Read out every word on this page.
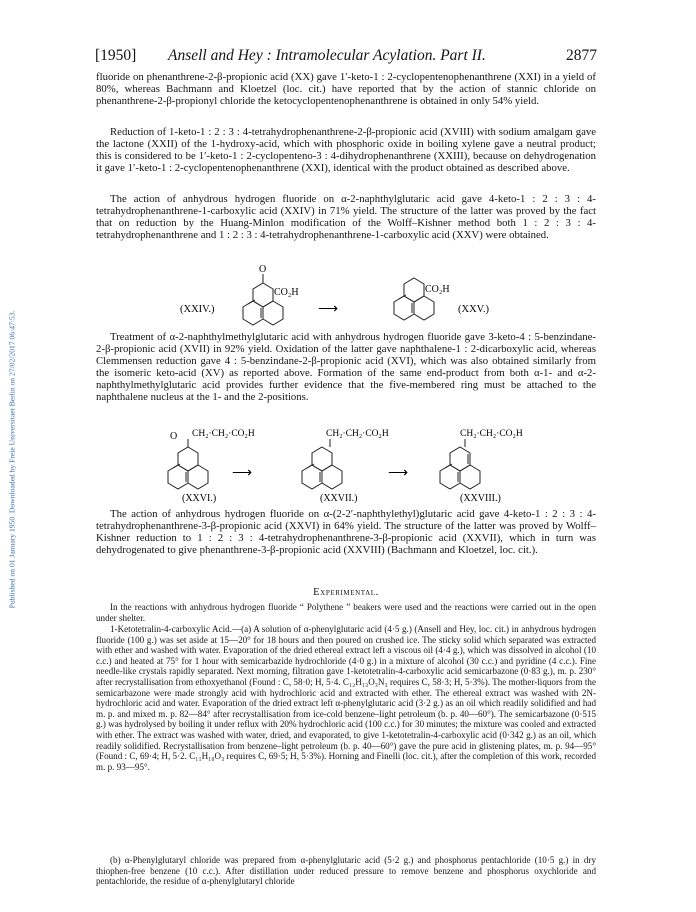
Published on 01 January 1950. Downloaded by Freie Universitaet Berlin on 27/02/2017 06:47:53.
[1950] Ansell and Hey : Intramolecular Acylation. Part II.	2877

fluoride on phenanthrene-2-β-propionic acid (XX) gave 1′-keto-1 : 2-cyclopentenophenanthrene (XXI) in a yield of 80%, whereas Bachmann and Kloetzel (loc. cit.) have reported that by the action of stannic chloride on phenanthrene-2-β-propionyl chloride the ketocyclopentenophenanthrene is obtained in only 54% yield.

Reduction of 1-keto-1 : 2 : 3 : 4-tetrahydrophenanthrene-2-β-propionic acid (XVIII) with sodium amalgam gave the lactone (XXII) of the 1-hydroxy-acid, which with phosphoric oxide in boiling xylene gave a neutral product; this is considered to be 1′-keto-1 : 2-cyclopenteno-3 : 4-dihydrophenanthrene (XXIII), because on dehydrogenation it gave 1′-keto-1 : 2-cyclopentenophenanthrene (XXI), identical with the product obtained as described above.

The action of anhydrous hydrogen fluoride on α-2-naphthylglutaric acid gave 4-keto-1 : 2 : 3 : 4-tetrahydrophenanthrene-1-carboxylic acid (XXIV) in 71% yield. The structure of the latter was proved by the fact that on reduction by the Huang-Minlon modification of the Wolff–Kishner method both 1 : 2 : 3 : 4-tetrahydrophenanthrene and 1 : 2 : 3 : 4-tetrahydrophenanthrene-1-carboxylic acid (XXV) were obtained.

(XXIV.)
O
CO₂H
⟶
CO₂H
(XXV.)

Treatment of α-2-naphthylmethylglutaric acid with anhydrous hydrogen fluoride gave 3-keto-4 : 5-benzindane-2-β-propionic acid (XVII) in 92% yield. Oxidation of the latter gave naphthalene-1 : 2-dicarboxylic acid, whereas Clemmensen reduction gave 4 : 5-benzindane-2-β-propionic acid (XVI), which was also obtained similarly from the isomeric keto-acid (XV) as reported above. Formation of the same end-product from both α-1- and α-2-naphthylmethylglutaric acid provides further evidence that the five-membered ring must be attached to the naphthalene nucleus at the 1- and the 2-positions.

O CH₂·CH₂·CO₂H
(XXVI.)
⟶
CH₂·CH₂·CO₂H
(XXVII.)
⟶
CH₂·CH₂·CO₂H
(XXVIII.)

The action of anhydrous hydrogen fluoride on α-(2-2′-naphthylethyl)glutaric acid gave 4-keto-1 : 2 : 3 : 4-tetrahydrophenanthrene-3-β-propionic acid (XXVI) in 64% yield. The structure of the latter was proved by Wolff–Kishner reduction to 1 : 2 : 3 : 4-tetrahydrophenanthrene-3-β-propionic acid (XXVII), which in turn was dehydrogenated to give phenanthrene-3-β-propionic acid (XXVIII) (Bachmann and Kloetzel, loc. cit.).

Experimental.

In the reactions with anhydrous hydrogen fluoride “ Polythene ” beakers were used and the reactions were carried out in the open under shelter.

1-Ketotetralin-4-carboxylic Acid.—(a) A solution of α-phenylglutaric acid (4·5 g.) (Ansell and Hey, loc. cit.) in anhydrous hydrogen fluoride (100 g.) was set aside at 15—20° for 18 hours and then poured on crushed ice. The sticky solid which separated was extracted with ether and washed with water. Evaporation of the dried ethereal extract left a viscous oil (4·4 g.), which was dissolved in alcohol (10 c.c.) and heated at 75° for 1 hour with semicarbazide hydrochloride (4·0 g.) in a mixture of alcohol (30 c.c.) and pyridine (4 c.c.). Fine needle-like crystals rapidly separated. Next morning, filtration gave 1-ketotetralin-4-carboxylic acid semicarbazone (0·83 g.), m. p. 230° after recrystallisation from ethoxyethanol (Found : C, 58·0; H, 5·4. C₁₂H₁₃O₃N₃ requires C, 58·3; H, 5·3%). The mother-liquors from the semicarbazone were made strongly acid with hydrochloric acid and extracted with ether. The ethereal extract was washed with 2N-hydrochloric acid and water. Evaporation of the dried extract left α-phenylglutaric acid (3·2 g.) as an oil which readily solidified and had m. p. and mixed m. p. 82—84° after recrystallisation from ice-cold benzene–light petroleum (b. p. 40—60°). The semicarbazone (0·515 g.) was hydrolysed by boiling it under reflux with 20% hydrochloric acid (100 c.c.) for 30 minutes; the mixture was cooled and extracted with ether. The extract was washed with water, dried, and evaporated, to give 1-ketotetralin-4-carboxylic acid (0·342 g.) as an oil, which readily solidified. Recrystallisation from benzene–light petroleum (b. p. 40—60°) gave the pure acid in glistening plates, m. p. 94—95° (Found : C, 69·4; H, 5·2. C₁₁H₁₀O₃ requires C, 69·5; H, 5·3%). Horning and Finelli (loc. cit.), after the completion of this work, recorded m. p. 93—95°.

(b) α-Phenylglutaryl chloride was prepared from α-phenylglutaric acid (5·2 g.) and phosphorus pentachloride (10·5 g.) in dry thiophen-free benzene (10 c.c.). After distillation under reduced pressure to remove benzene and phosphorus oxychloride and pentachloride, the residue of α-phenylglutaryl chloride
